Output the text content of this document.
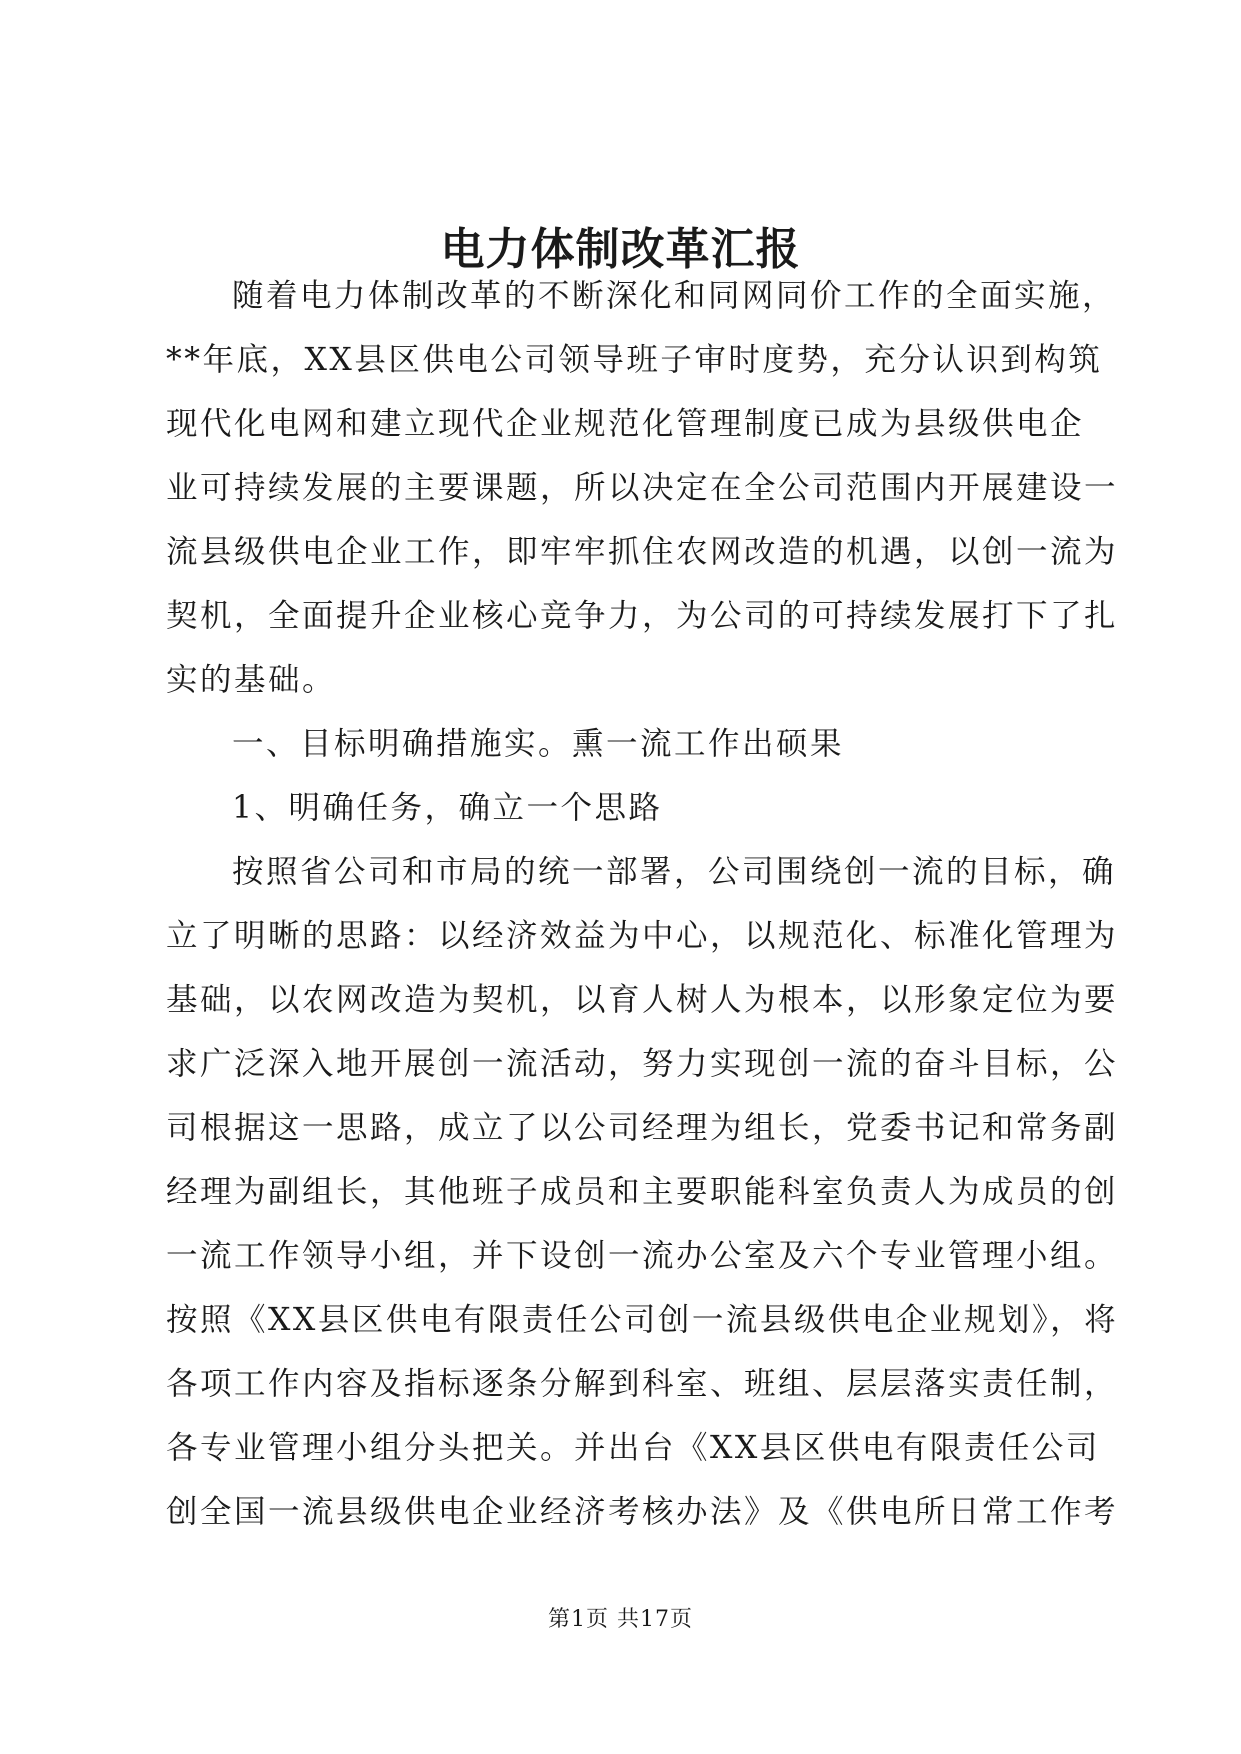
电力体制改革汇报
随着电力体制改革的不断深化和同网同价工作的全面实施，
**年底，XX县区供电公司领导班子审时度势，充分认识到构筑
现代化电网和建立现代企业规范化管理制度已成为县级供电企
业可持续发展的主要课题，所以决定在全公司范围内开展建设一
流县级供电企业工作，即牢牢抓住农网改造的机遇，以创一流为
契机，全面提升企业核心竞争力，为公司的可持续发展打下了扎
实的基础。
一、目标明确措施实。熏一流工作出硕果
1、明确任务，确立一个思路
按照省公司和市局的统一部署，公司围绕创一流的目标，确
立了明晰的思路：以经济效益为中心，以规范化、标准化管理为
基础，以农网改造为契机，以育人树人为根本，以形象定位为要
求广泛深入地开展创一流活动，努力实现创一流的奋斗目标，公
司根据这一思路，成立了以公司经理为组长，党委书记和常务副
经理为副组长，其他班子成员和主要职能科室负责人为成员的创
一流工作领导小组，并下设创一流办公室及六个专业管理小组。
按照《XX县区供电有限责任公司创一流县级供电企业规划》，将
各项工作内容及指标逐条分解到科室、班组、层层落实责任制，
各专业管理小组分头把关。并出台《XX县区供电有限责任公司
创全国一流县级供电企业经济考核办法》及《供电所日常工作考
第1页 共17页
